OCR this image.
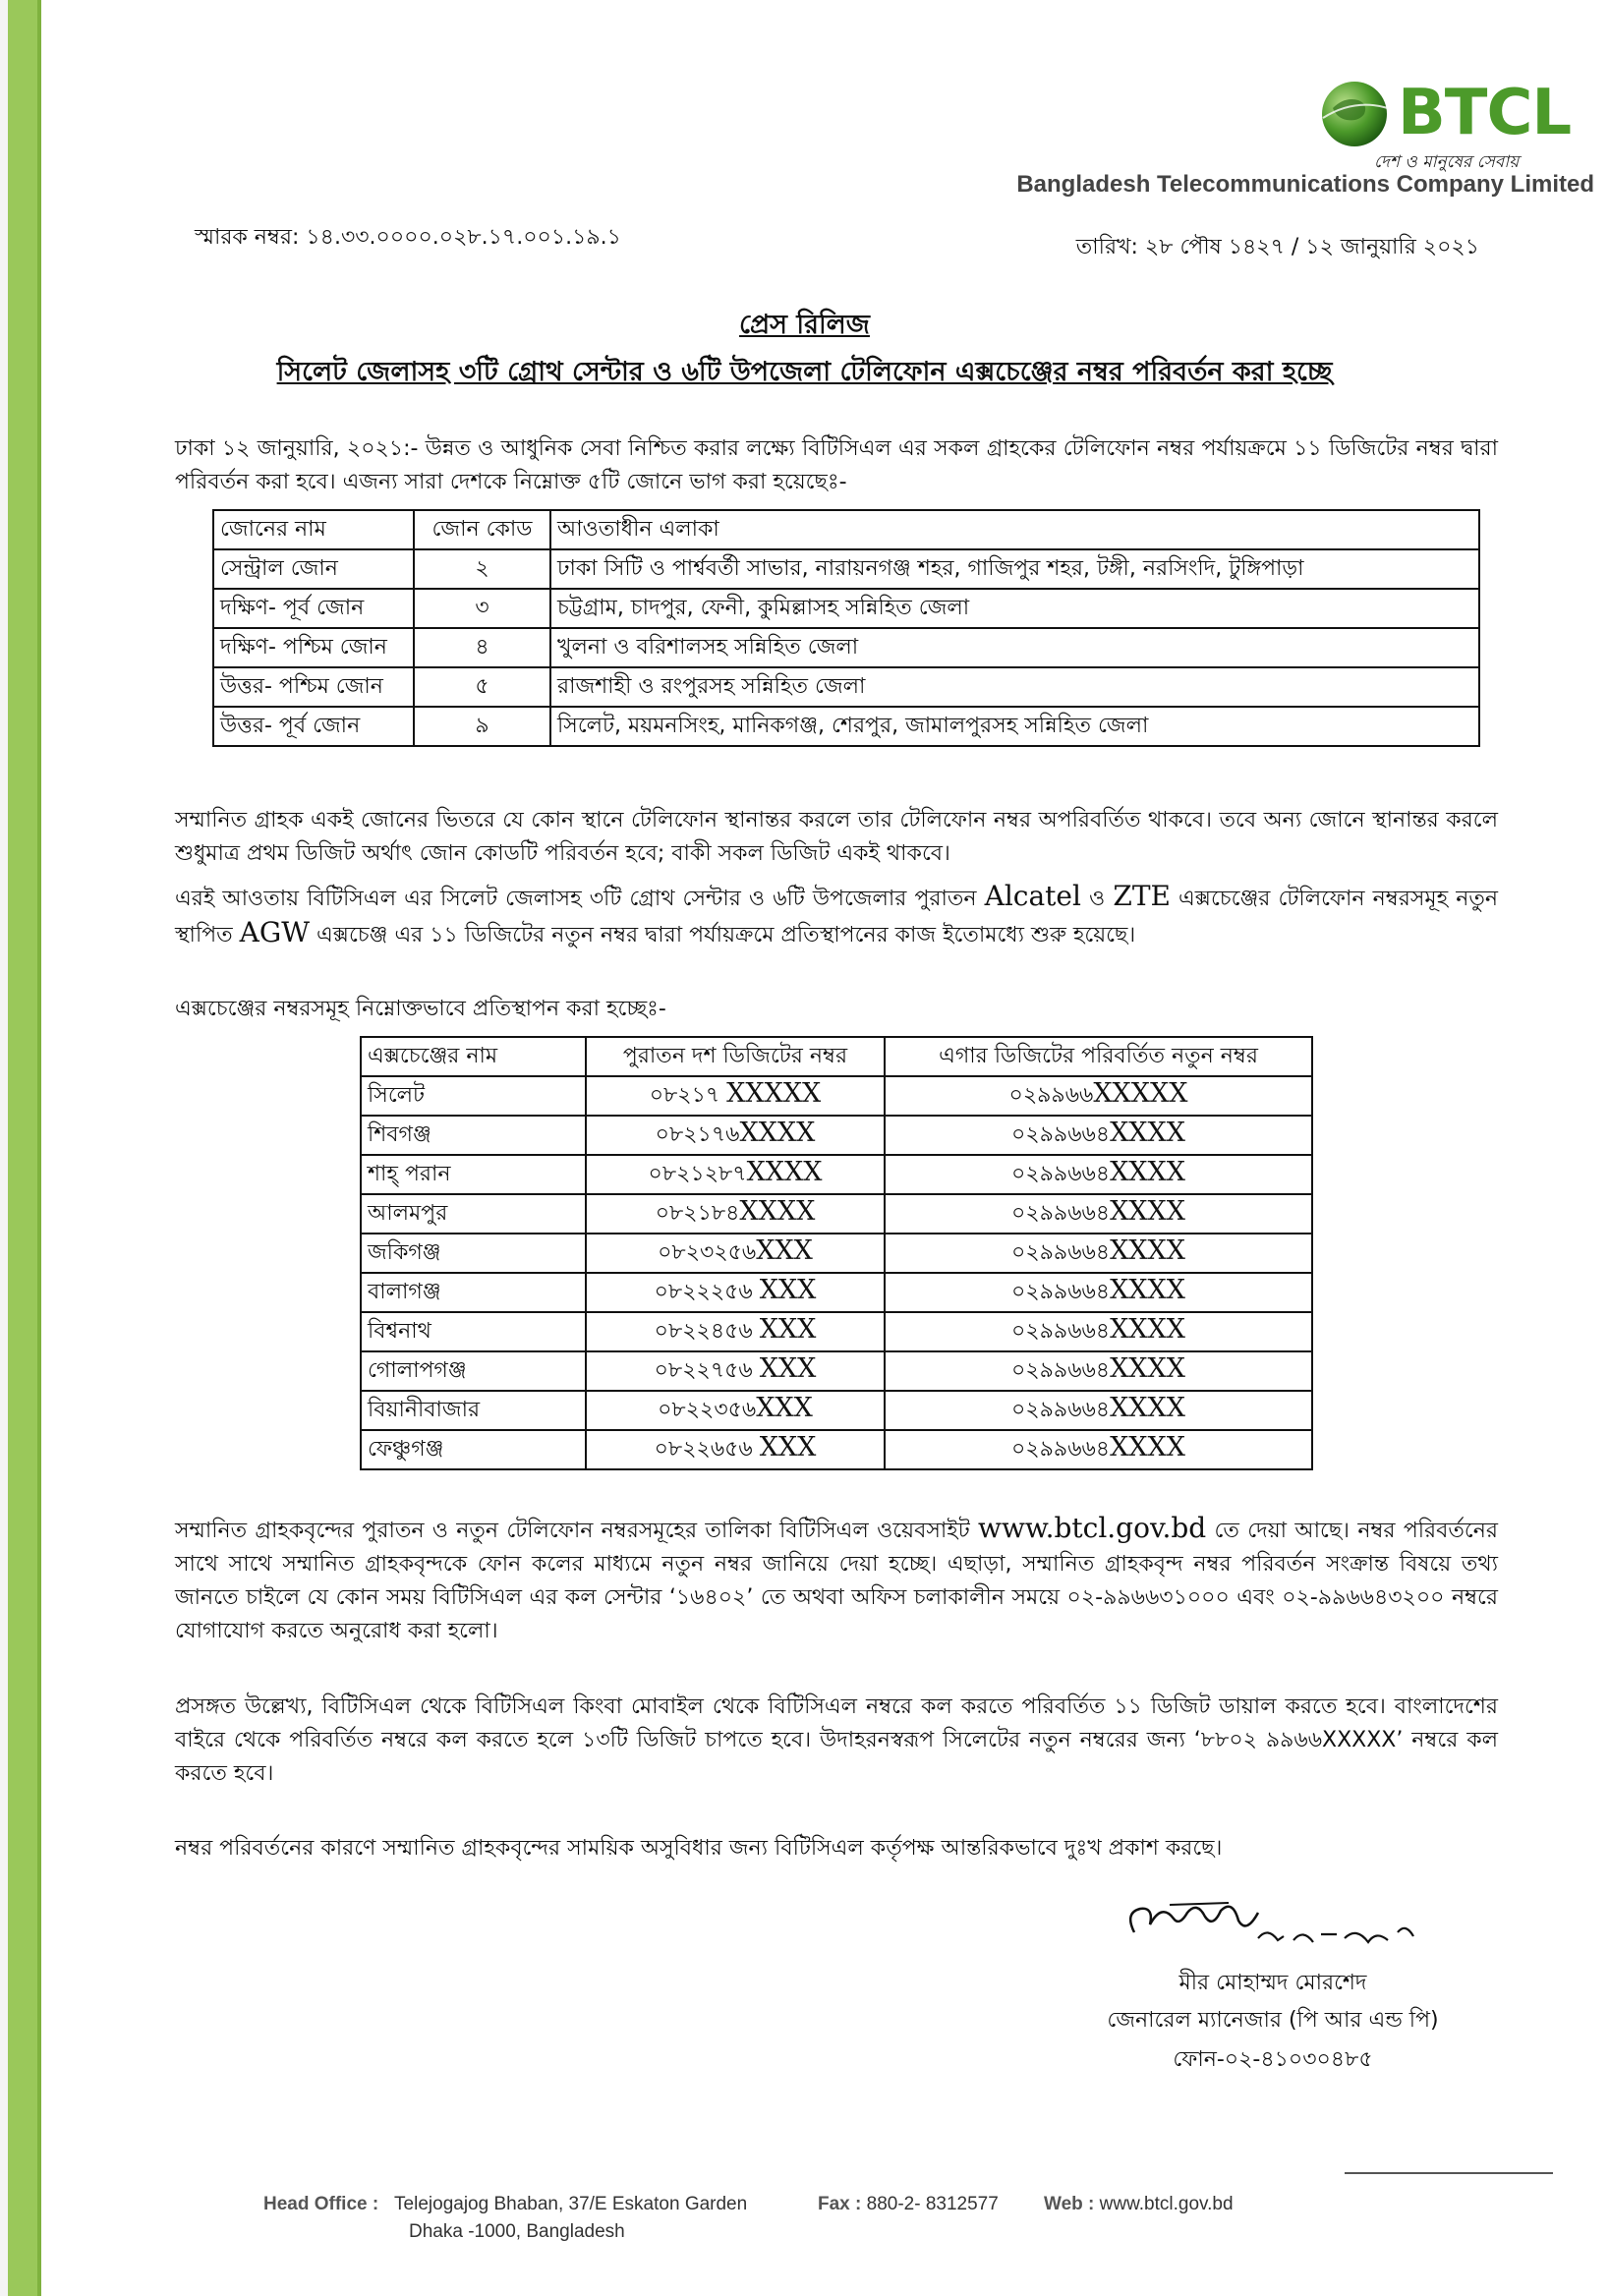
BTCL
দেশ ও মানুষের সেবায়
Bangladesh Telecommunications Company Limited
স্মারক নম্বর: ১৪.৩৩.০০০০.০২৮.১৭.০০১.১৯.১	তারিখ: ২৮ পৌষ ১৪২৭ / ১২ জানুয়ারি ২০২১
প্রেস রিলিজ
সিলেট জেলাসহ ৩টি গ্রোথ সেন্টার ও ৬টি উপজেলা টেলিফোন এক্সচেঞ্জের নম্বর পরিবর্তন করা হচ্ছে
ঢাকা ১২ জানুয়ারি, ২০২১:- উন্নত ও আধুনিক সেবা নিশ্চিত করার লক্ষ্যে বিটিসিএল এর সকল গ্রাহকের টেলিফোন নম্বর পর্যায়ক্রমে ১১ ডিজিটের নম্বর দ্বারা পরিবর্তন করা হবে। এজন্য সারা দেশকে নিম্নোক্ত ৫টি জোনে ভাগ করা হয়েছেঃ-
জোনের নাম	জোন কোড	আওতাধীন এলাকা
সেন্ট্রাল জোন	২	ঢাকা সিটি ও পার্শ্ববর্তী সাভার, নারায়নগঞ্জ শহর, গাজিপুর শহর, টঙ্গী, নরসিংদি, টুঙ্গিপাড়া
দক্ষিণ- পূর্ব জোন	৩	চট্টগ্রাম, চাদপুর, ফেনী, কুমিল্লাসহ সন্নিহিত জেলা
দক্ষিণ- পশ্চিম জোন	৪	খুলনা ও বরিশালসহ সন্নিহিত জেলা
উত্তর- পশ্চিম জোন	৫	রাজশাহী ও রংপুরসহ সন্নিহিত জেলা
উত্তর- পূর্ব জোন	৯	সিলেট, ময়মনসিংহ, মানিকগঞ্জ, শেরপুর, জামালপুরসহ সন্নিহিত জেলা
সম্মানিত গ্রাহক একই জোনের ভিতরে যে কোন স্থানে টেলিফোন স্থানান্তর করলে তার টেলিফোন নম্বর অপরিবর্তিত থাকবে। তবে অন্য জোনে স্থানান্তর করলে শুধুমাত্র প্রথম ডিজিট অর্থাৎ জোন কোডটি পরিবর্তন হবে; বাকী সকল ডিজিট একই থাকবে।
এরই আওতায় বিটিসিএল এর সিলেট জেলাসহ ৩টি গ্রোথ সেন্টার ও ৬টি উপজেলার পুরাতন Alcatel ও ZTE এক্সচেঞ্জের টেলিফোন নম্বরসমূহ নতুন স্থাপিত AGW এক্সচেঞ্জ এর ১১ ডিজিটের নতুন নম্বর দ্বারা পর্যায়ক্রমে প্রতিস্থাপনের কাজ ইতোমধ্যে শুরু হয়েছে।
এক্সচেঞ্জের নম্বরসমূহ নিম্নোক্তভাবে প্রতিস্থাপন করা হচ্ছেঃ-
এক্সচেঞ্জের নাম	পুরাতন দশ ডিজিটের নম্বর	এগার ডিজিটের পরিবর্তিত নতুন নম্বর
সিলেট	০৮২১৭ XXXXX	০২৯৯৬৬XXXXX
শিবগঞ্জ	০৮২১৭৬XXXX	০২৯৯৬৬৪XXXX
শাহ্ পরান	০৮২১২৮৭XXXX	০২৯৯৬৬৪XXXX
আলমপুর	০৮২১৮৪XXXX	০২৯৯৬৬৪XXXX
জকিগঞ্জ	০৮২৩২৫৬XXX	০২৯৯৬৬৪XXXX
বালাগঞ্জ	০৮২২২৫৬ XXX	০২৯৯৬৬৪XXXX
বিশ্বনাথ	০৮২২৪৫৬ XXX	০২৯৯৬৬৪XXXX
গোলাপগঞ্জ	০৮২২৭৫৬ XXX	০২৯৯৬৬৪XXXX
বিয়ানীবাজার	০৮২২৩৫৬XXX	০২৯৯৬৬৪XXXX
ফেঞ্চুগঞ্জ	০৮২২৬৫৬ XXX	০২৯৯৬৬৪XXXX
সম্মানিত গ্রাহকবৃন্দের পুরাতন ও নতুন টেলিফোন নম্বরসমূহের তালিকা বিটিসিএল ওয়েবসাইট www.btcl.gov.bd তে দেয়া আছে। নম্বর পরিবর্তনের সাথে সাথে সম্মানিত গ্রাহকবৃন্দকে ফোন কলের মাধ্যমে নতুন নম্বর জানিয়ে দেয়া হচ্ছে। এছাড়া, সম্মানিত গ্রাহকবৃন্দ নম্বর পরিবর্তন সংক্রান্ত বিষয়ে তথ্য জানতে চাইলে যে কোন সময় বিটিসিএল এর কল সেন্টার ‘১৬৪০২’ তে অথবা অফিস চলাকালীন সময়ে ০২-৯৯৬৬৩১০০০ এবং ০২-৯৯৬৬৪৩২০০ নম্বরে যোগাযোগ করতে অনুরোধ করা হলো।
প্রসঙ্গত উল্লেখ্য, বিটিসিএল থেকে বিটিসিএল কিংবা মোবাইল থেকে বিটিসিএল নম্বরে কল করতে পরিবর্তিত ১১ ডিজিট ডায়াল করতে হবে। বাংলাদেশের বাইরে থেকে পরিবর্তিত নম্বরে কল করতে হলে ১৩টি ডিজিট চাপতে হবে। উদাহরনস্বরূপ সিলেটের নতুন নম্বরের জন্য ‘৮৮০২ ৯৯৬৬XXXXX’ নম্বরে কল করতে হবে।
নম্বর পরিবর্তনের কারণে সম্মানিত গ্রাহকবৃন্দের সাময়িক অসুবিধার জন্য বিটিসিএল কর্তৃপক্ষ আন্তরিকভাবে দুঃখ প্রকাশ করছে।
মীর মোহাম্মদ মোরশেদ
জেনারেল ম্যানেজার (পি আর এন্ড পি)
ফোন-০২-৪১০৩০৪৮৫
Head Office : Telejogajog Bhaban, 37/E Eskaton Garden
Dhaka -1000, Bangladesh
Fax : 880-2- 8312577 Web : www.btcl.gov.bd
